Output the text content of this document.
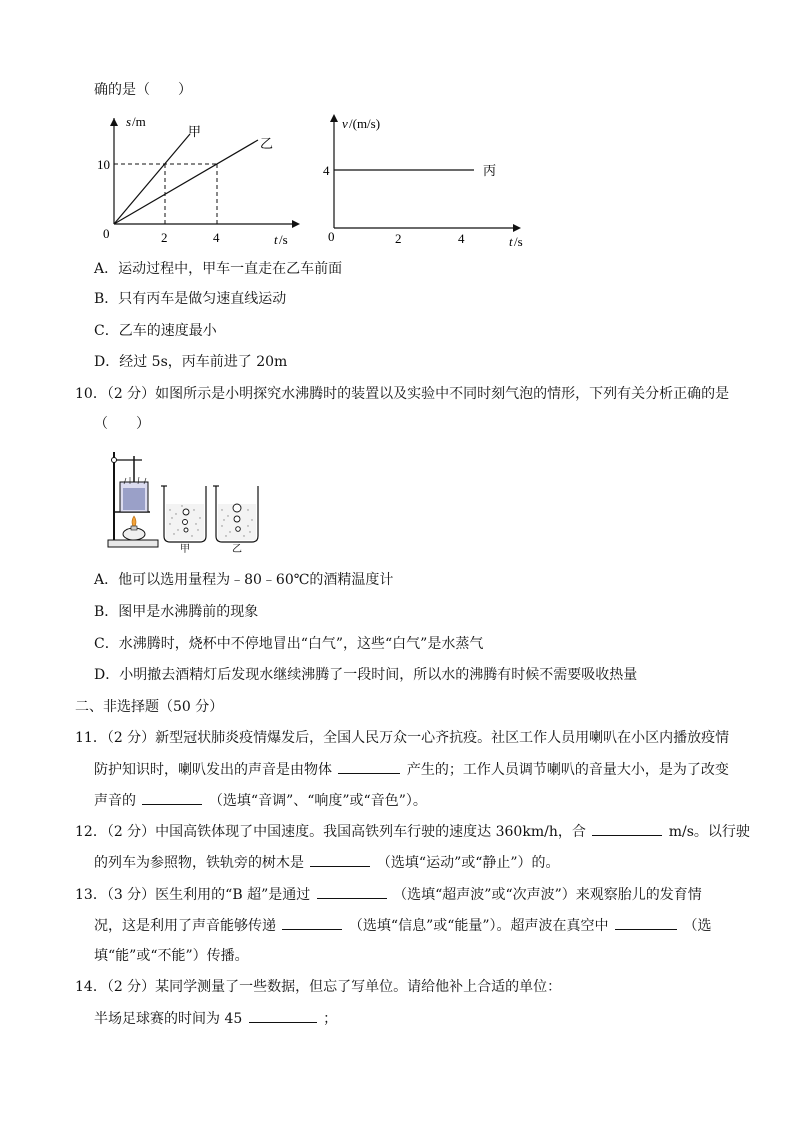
确的是（　　）
s /m
甲
乙
10
0	2	4	t /s
v /(m/s)
4	丙
0	2	4	t /s
A．运动过程中，甲车一直走在乙车前面
B．只有丙车是做匀速直线运动
C．乙车的速度最小
D．经过 5s，丙车前进了 20m
10．（2 分）如图所示是小明探究水沸腾时的装置以及实验中不同时刻气泡的情形，下列有关分析正确的是
（　　）
甲	乙
A．他可以选用量程为﹣80﹣60℃的酒精温度计
B．图甲是水沸腾前的现象
C．水沸腾时，烧杯中不停地冒出“白气”，这些“白气”是水蒸气
D．小明撤去酒精灯后发现水继续沸腾了一段时间，所以水的沸腾有时候不需要吸收热量
二、非选择题（50 分）
11．（2 分）新型冠状肺炎疫情爆发后，全国人民万众一心齐抗疫。社区工作人员用喇叭在小区内播放疫情
防护知识时，喇叭发出的声音是由物体	产生的；工作人员调节喇叭的音量大小，是为了改变
声音的	（选填“音调”、“响度”或“音色”）。
12．（2 分）中国高铁体现了中国速度。我国高铁列车行驶的速度达 360km/h，合	m/s。以行驶
的列车为参照物，铁轨旁的树木是	（选填“运动”或“静止”）的。
13．（3 分）医生利用的“B 超”是通过	（选填“超声波”或“次声波”）来观察胎儿的发育情
况，这是利用了声音能够传递	（选填“信息”或“能量”）。超声波在真空中	（选
填“能”或“不能”）传播。
14．（2 分）某同学测量了一些数据，但忘了写单位。请给他补上合适的单位：
半场足球赛的时间为 45	；
